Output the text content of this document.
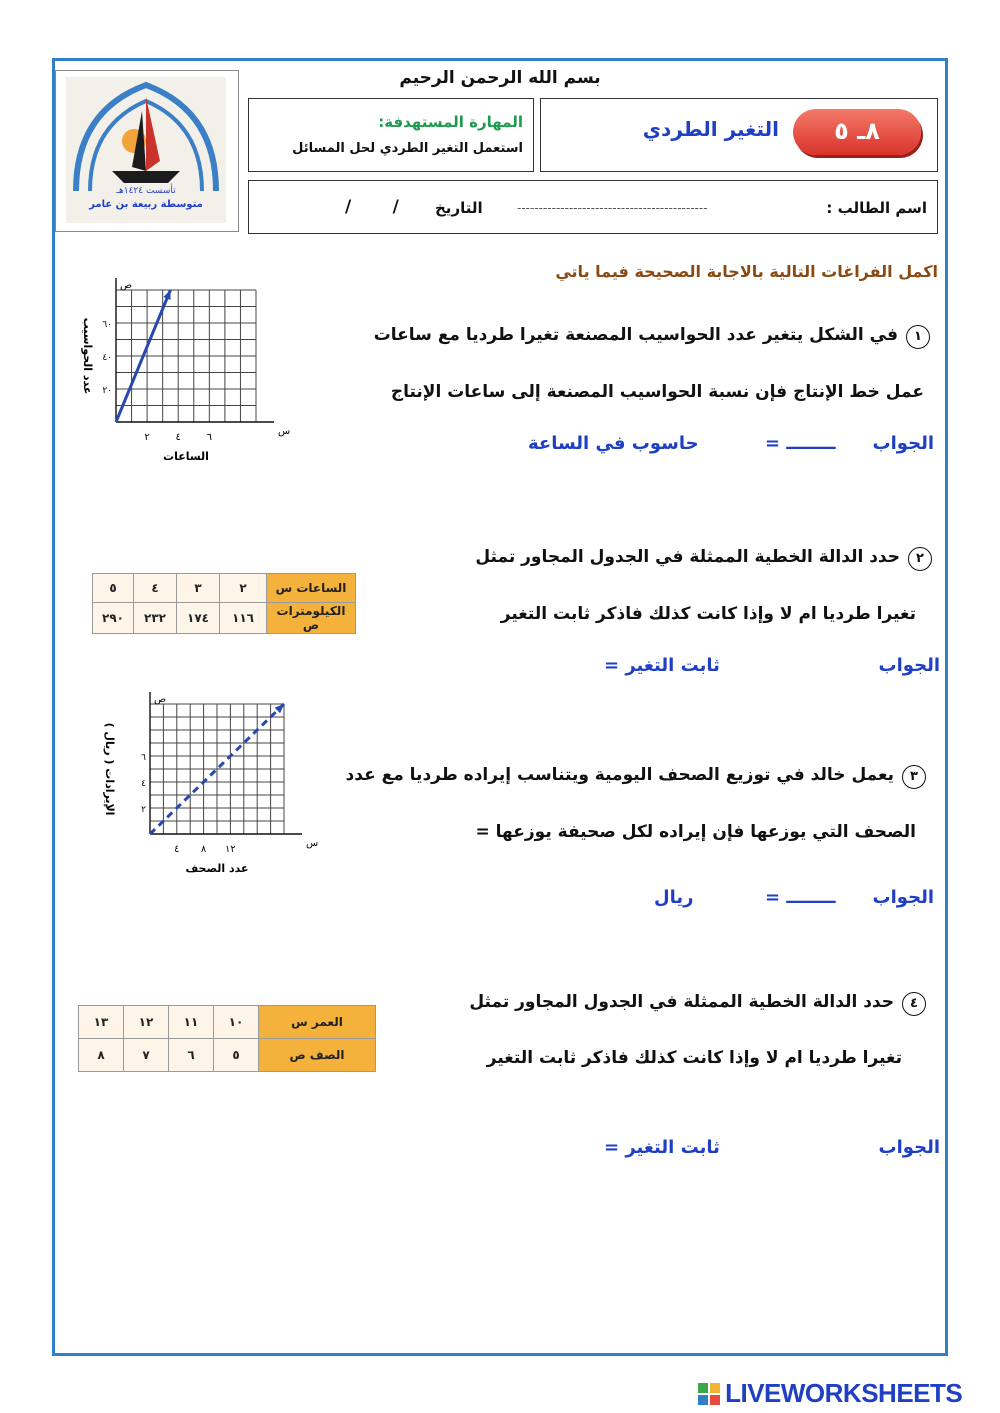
تأسست ١٤٢٤هـ
متوسطة ربيعة بن عامر
بسم الله الرحمن الرحيم
المهارة المستهدفة:
استعمل التغير الطردي لحل المسائل
٨ـ ٥
التغير الطردي
اسم الطالب :
--------------------------------------------
التاريخ
/       /
اكمل الفراغات التالية بالاجابة الصحيحة فيما ياتي
س
ص
٢	٤	٦
٢٠
٤٠
٦٠
الساعات
عدد الحواسيب	١في الشكل يتغير عدد الحواسيب المصنعة تغيرا طرديا مع ساعات
عمل خط الإنتاج فإن نسبة الحواسيب المصنعة إلى ساعات الإنتاج
الجواب
= ــــــــ
حاسوب في الساعة
٥	٤	٣	٢	الساعات س
٢٩٠	٢٣٢	١٧٤	١١٦	الكيلومترات ص
٢حدد الدالة الخطية الممثلة في الجدول المجاور تمثل
تغيرا طرديا ام لا وإذا كانت كذلك فاذكر ثابت التغير
الجواب
ثابت التغير =
س
ص
٤ ٨ ١٢
٢
٤
٦
عدد الصحف
الإيرادات ( ريال )	٣يعمل خالد في توزيع الصحف اليومية ويتناسب إيراده طرديا مع عدد
الصحف التي يوزعها فإن إيراده لكل صحيفة يوزعها =
الجواب
= ــــــــ
ريال
١٣	١٢	١١	١٠	العمر س
٨	٧	٦	٥	الصف ص
٤حدد الدالة الخطية الممثلة في الجدول المجاور تمثل
تغيرا طرديا ام لا وإذا كانت كذلك فاذكر ثابت التغير
الجواب
ثابت التغير =
LIVEWORKSHEETS
